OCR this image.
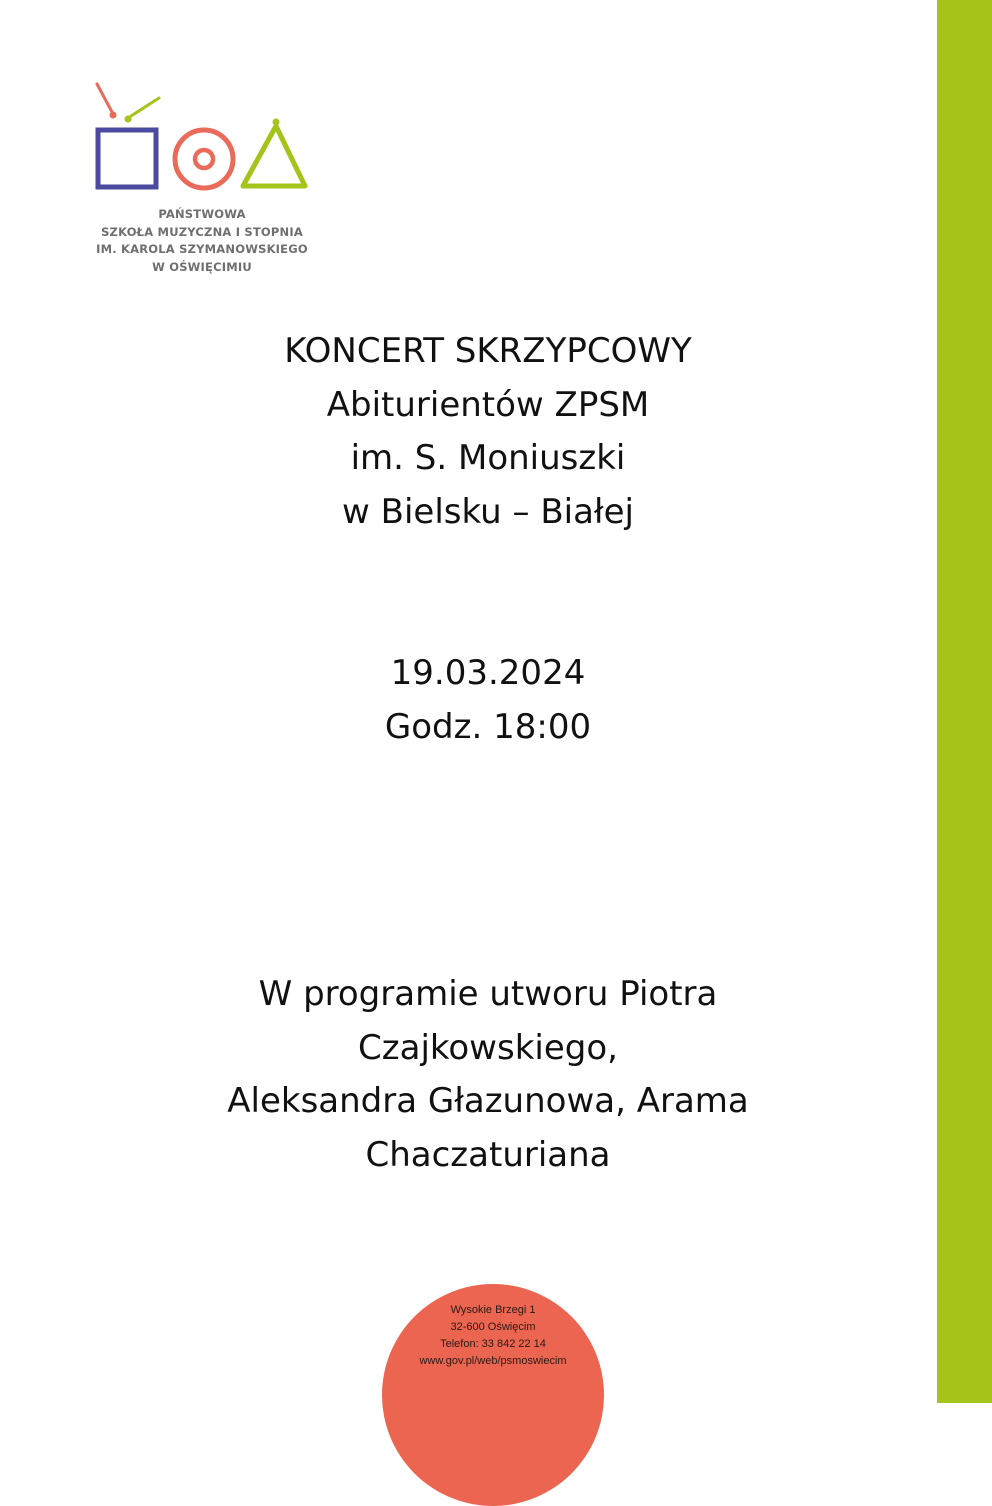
PAŃSTWOWA
SZKOŁA MUZYCZNA I STOPNIA
IM. KAROLA SZYMANOWSKIEGO
W OŚWIĘCIMIU
KONCERT SKRZYPCOWY
Abiturientów ZPSM
im. S. Moniuszki
w Bielsku – Białej
19.03.2024
Godz. 18:00
W programie utworu Piotra
Czajkowskiego,
Aleksandra Głazunowa, Arama
Chaczaturiana
Wysokie Brzegi 1
32-600 Oświęcim
Telefon: 33 842 22 14
www.gov.pl/web/psmoswiecim
